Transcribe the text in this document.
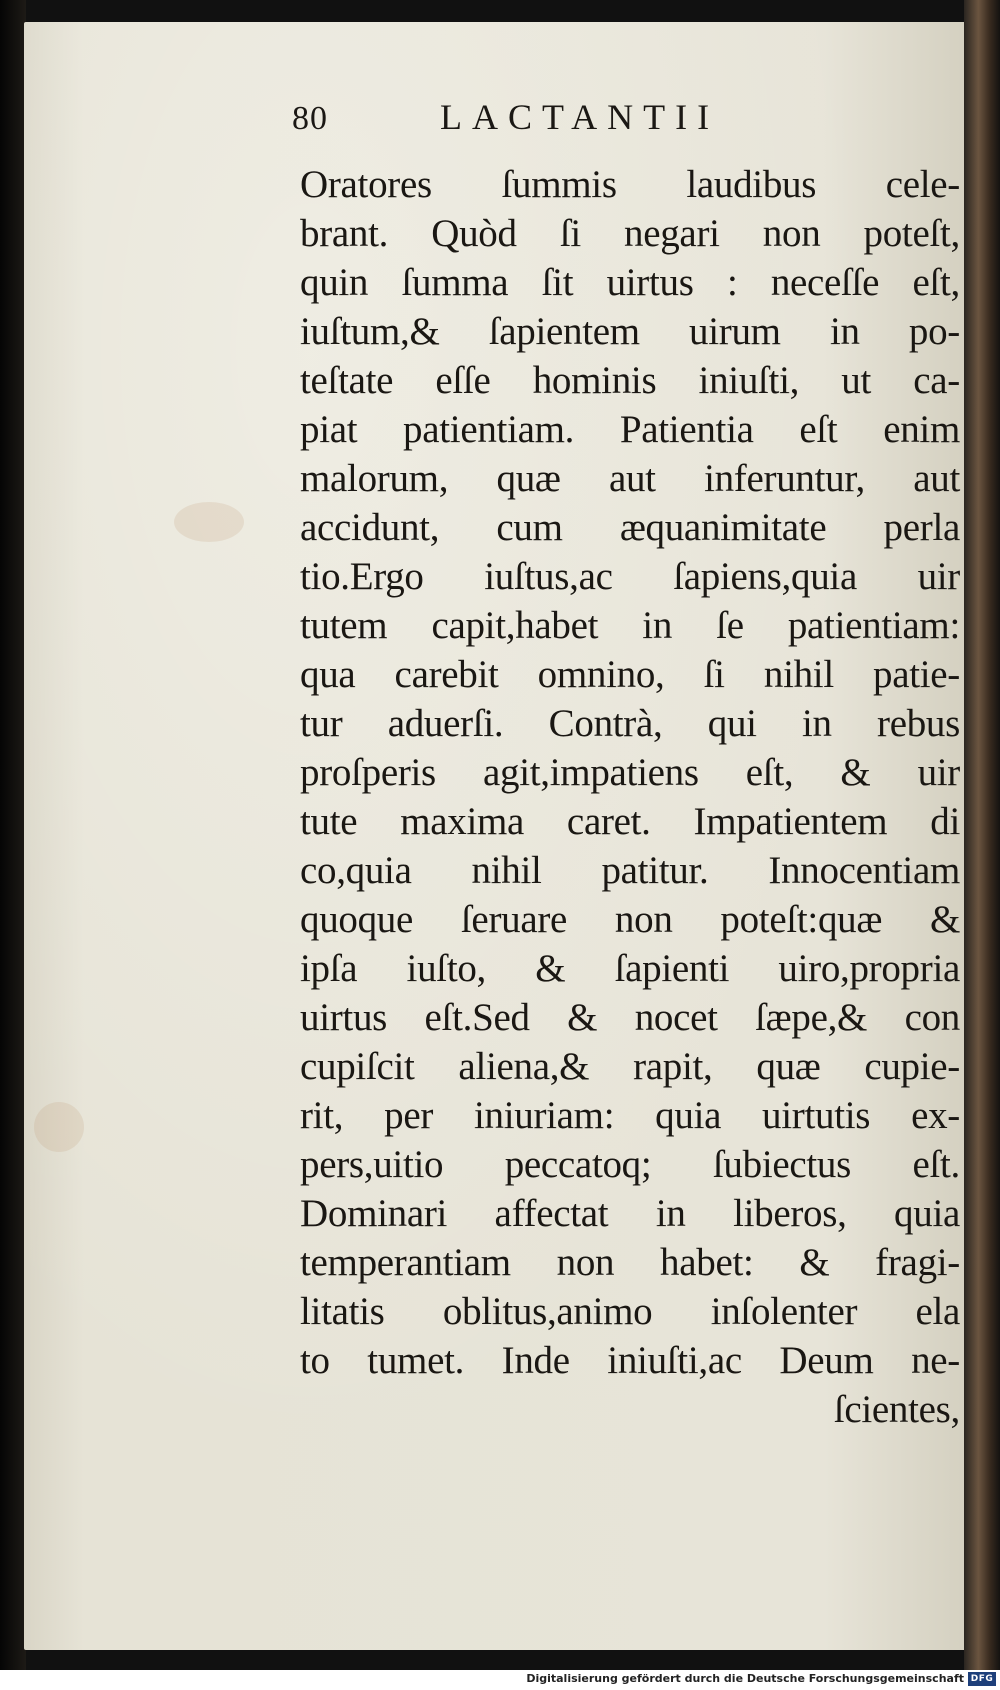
80	LACTANTII
Oratores ſummis laudibus cele-
brant. Quòd ſi negari non poteſt,
quin ſumma ſit uirtus : neceſſe eſt,
iuſtum,& ſapientem uirum in po-
teſtate eſſe hominis iniuſti, ut ca-
piat patientiam. Patientia eſt enim
malorum, quæ aut inferuntur, aut
accidunt, cum æquanimitate perla
tio.Ergo iuſtus,ac ſapiens,quia uir
tutem capit,habet in ſe patientiam:
qua carebit omnino, ſi nihil patie-
tur aduerſi. Contrà, qui in rebus
proſperis agit,impatiens eſt, & uir
tute maxima caret. Impatientem di
co,quia nihil patitur. Innocentiam
quoque ſeruare non poteſt:quæ &
ipſa iuſto, & ſapienti uiro,propria
uirtus eſt.Sed & nocet ſæpe,& con
cupiſcit aliena,& rapit, quæ cupie-
rit, per iniuriam: quia uirtutis ex-
pers,uitio peccatoq; ſubiectus eſt.
Dominari affectat in liberos, quia
temperantiam non habet: & fragi-
litatis oblitus,animo inſolenter ela
to tumet. Inde iniuſti,ac Deum ne-
ſcientes,
Digitalisierung gefördert durch die Deutsche Forschungsgemeinschaft DFG
